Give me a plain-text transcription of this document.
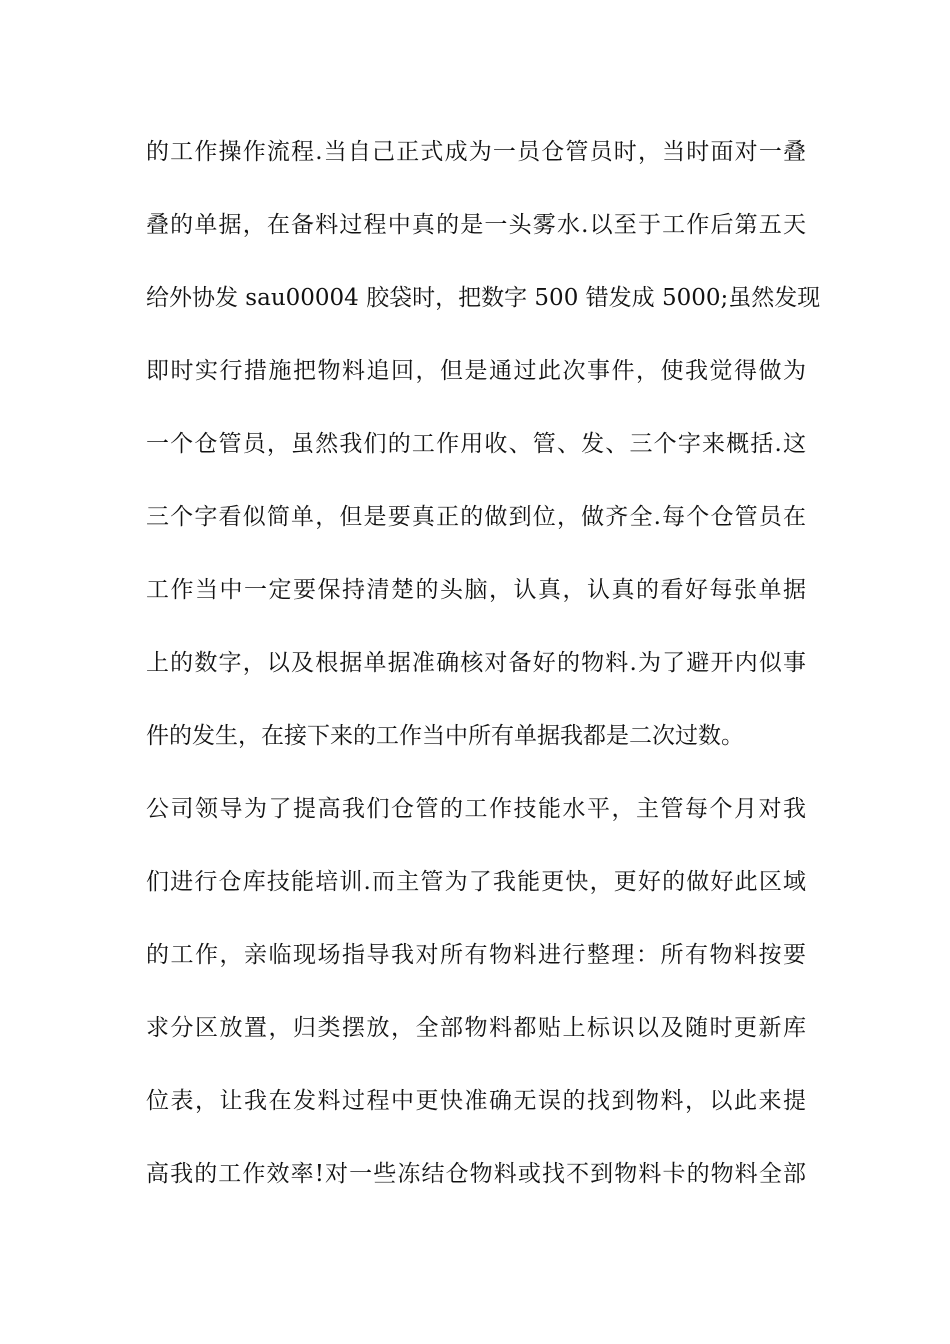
的工作操作流程.当自己正式成为一员仓管员时，当时面对一叠
叠的单据，在备料过程中真的是一头雾水.以至于工作后第五天
给外协发 sau00004 胶袋时，把数字 500 错发成 5000;虽然发现
即时实行措施把物料追回，但是通过此次事件，使我觉得做为
一个仓管员，虽然我们的工作用收、管、发、三个字来概括.这
三个字看似简单，但是要真正的做到位，做齐全.每个仓管员在
工作当中一定要保持清楚的头脑，认真，认真的看好每张单据
上的数字，以及根据单据准确核对备好的物料.为了避开内似事
件的发生，在接下来的工作当中所有单据我都是二次过数。
公司领导为了提高我们仓管的工作技能水平，主管每个月对我
们进行仓库技能培训.而主管为了我能更快，更好的做好此区域
的工作，亲临现场指导我对所有物料进行整理：所有物料按要
求分区放置，归类摆放，全部物料都贴上标识以及随时更新库
位表，让我在发料过程中更快准确无误的找到物料，以此来提
高我的工作效率!对一些冻结仓物料或找不到物料卡的物料全部
